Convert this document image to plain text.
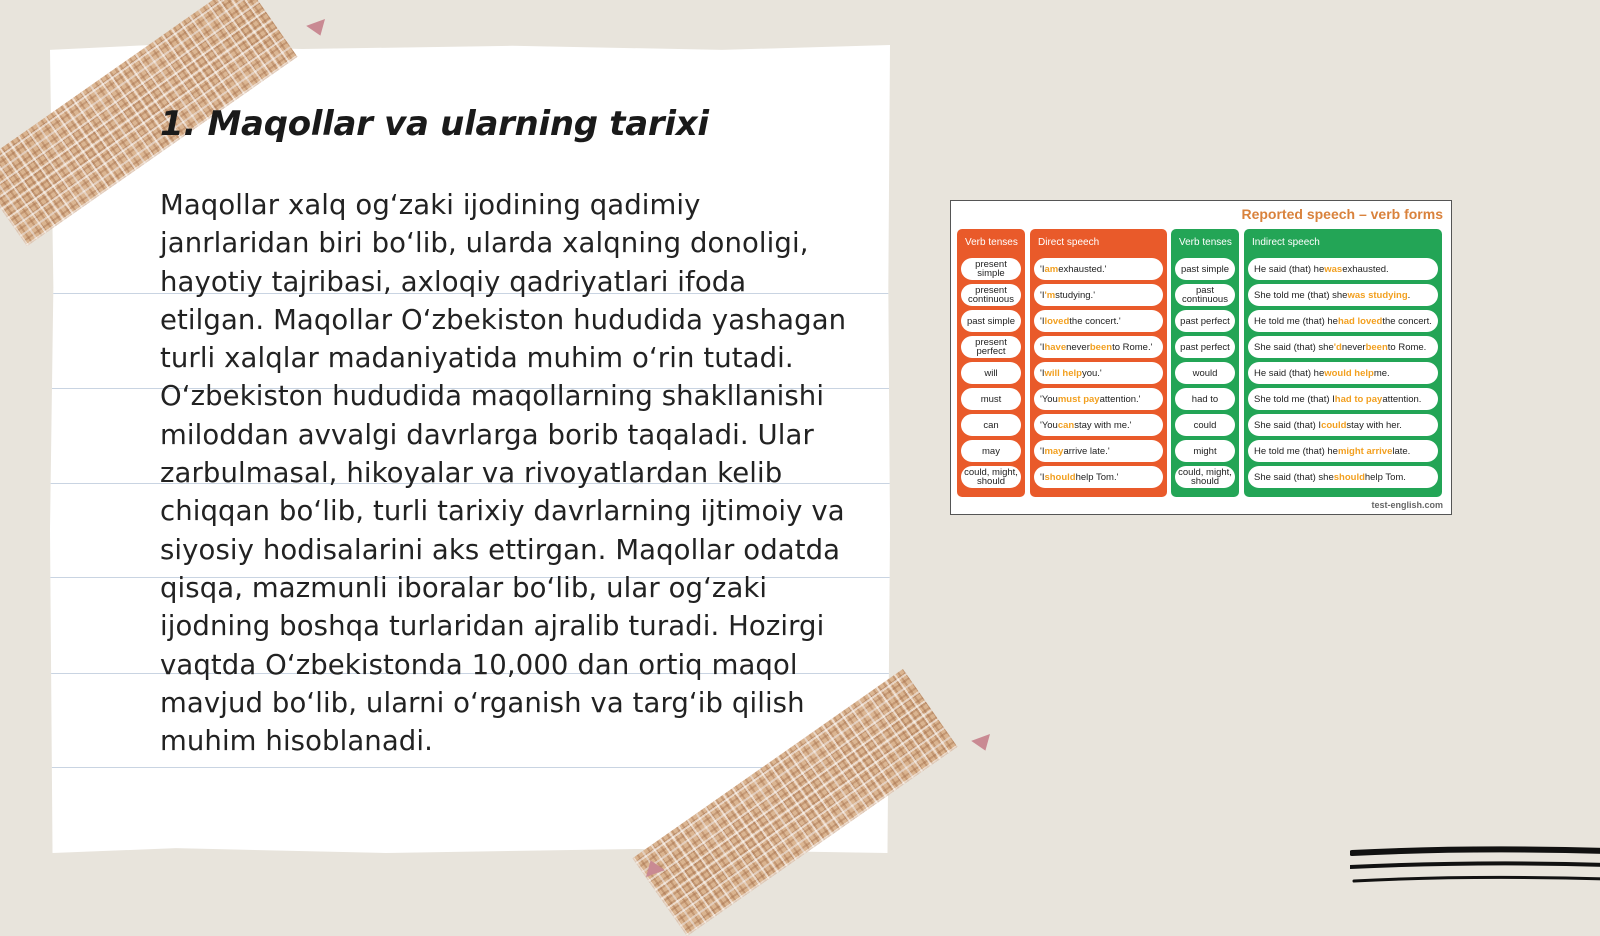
1. Maqollar va ularning tarixi

Maqollar xalq og‘zaki ijodining qadimiy janrlaridan biri bo‘lib, ularda xalqning donoligi, hayotiy tajribasi, axloqiy qadriyatlari ifoda etilgan. Maqollar O‘zbekiston hududida yashagan turli xalqlar madaniyatida muhim o‘rin tutadi. O‘zbekiston hududida maqollarning shakllanishi miloddan avvalgi davrlarga borib taqaladi. Ular zarbulmasal, hikoyalar va rivoyatlardan kelib chiqqan bo‘lib, turli tarixiy davrlarning ijtimoiy va siyosiy hodisalarini aks ettirgan. Maqollar odatda qisqa, mazmunli iboralar bo‘lib, ular og‘zaki ijodning boshqa turlaridan ajralib turadi. Hozirgi vaqtda O‘zbekistonda 10,000 dan ortiq maqol mavjud bo‘lib, ularni o‘rganish va targ‘ib qilish muhim hisoblanadi.

Reported speech – verb forms

Verb tenses
present simple
present continuous
past simple
present perfect
will
must
can
may
could, might, should
Direct speech
'I am exhausted.'
'I 'm studying.'
'I loved the concert.'
'I have never been to Rome.'
'I will help you.'
'You must pay attention.'
'You can stay with me.'
'I may arrive late.'
'I should help Tom.'
Verb tenses
past simple
past continuous
past perfect
past perfect
would
had to
could
might
could, might, should
Indirect speech
He said (that) he was exhausted.
She told me (that) she was studying .
He told me (that) he had loved the concert.
She said (that) she 'd never been to Rome.
He said (that) he would help me.
She told me (that) I had to pay attention.
She said (that) I could stay with her.
He told me (that) he might arrive late.
She said (that) she should help Tom.

test-english.com
